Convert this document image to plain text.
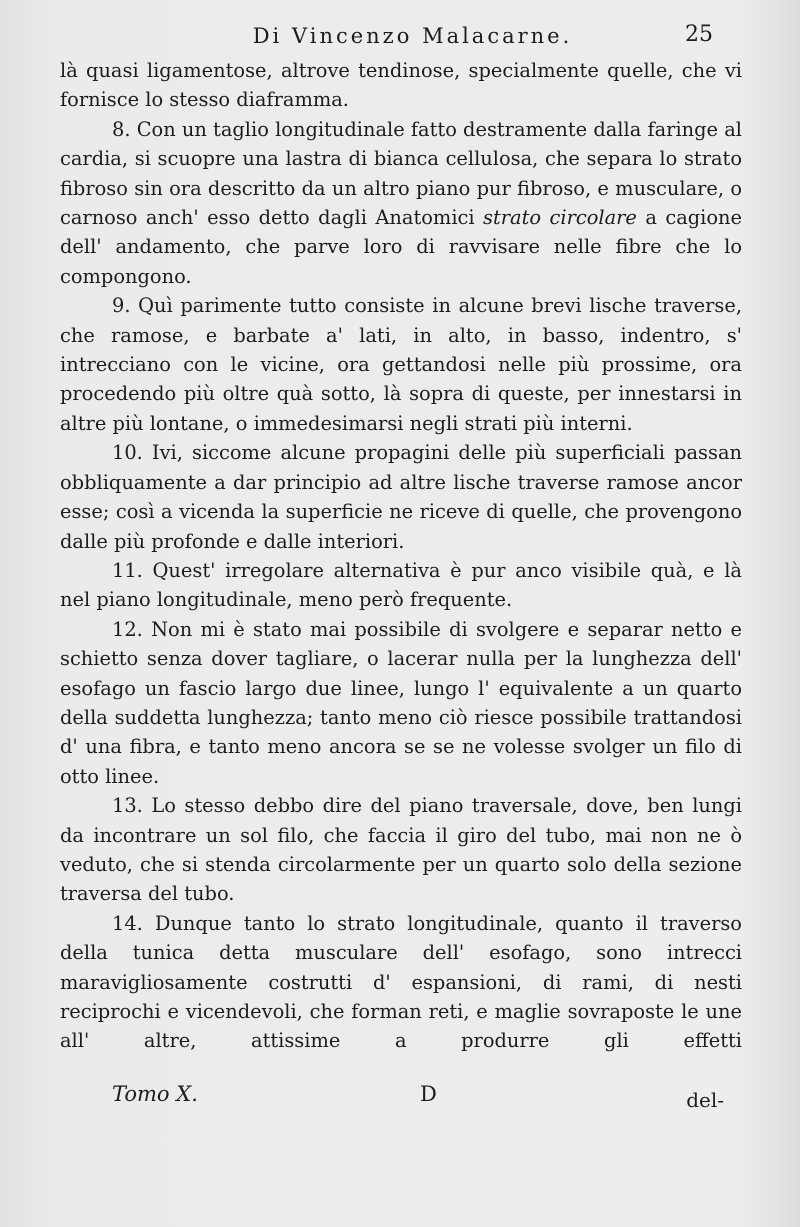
Di Vincenzo Malacarne.	25

là quasi ligamentose, altrove tendinose, specialmente quelle, che vi fornisce lo stesso diaframma.

8. Con un taglio longitudinale fatto destramente dalla faringe al cardia, si scuopre una lastra di bianca cellulosa, che separa lo strato fibroso sin ora descritto da un altro piano pur fibroso, e musculare, o carnoso anch' esso detto dagli Anatomici strato circolare a cagione dell' andamento, che parve loro di ravvisare nelle fibre che lo compongono.

9. Quì parimente tutto consiste in alcune brevi lische traverse, che ramose, e barbate a' lati, in alto, in basso, indentro, s' intrecciano con le vicine, ora gettandosi nelle più prossime, ora procedendo più oltre quà sotto, là sopra di queste, per innestarsi in altre più lontane, o immedesimarsi negli strati più interni.

10. Ivi, siccome alcune propagini delle più superficiali passan obbliquamente a dar principio ad altre lische traverse ramose ancor esse; così a vicenda la superficie ne riceve di quelle, che provengono dalle più profonde e dalle interiori.

11. Quest' irregolare alternativa è pur anco visibile quà, e là nel piano longitudinale, meno però frequente.

12. Non mi è stato mai possibile di svolgere e separar netto e schietto senza dover tagliare, o lacerar nulla per la lunghezza dell' esofago un fascio largo due linee, lungo l' equivalente a un quarto della suddetta lunghezza; tanto meno ciò riesce possibile trattandosi d' una fibra, e tanto meno ancora se se ne volesse svolger un filo di otto linee.

13. Lo stesso debbo dire del piano traversale, dove, ben lungi da incontrare un sol filo, che faccia il giro del tubo, mai non ne ò veduto, che si stenda circolarmente per un quarto solo della sezione traversa del tubo.

14. Dunque tanto lo strato longitudinale, quanto il traverso della tunica detta musculare dell' esofago, sono intrecci maravigliosamente costrutti d' espansioni, di rami, di nesti reciprochi e vicendevoli, che forman reti, e maglie sovraposte le une all' altre, attissime a produrre gli effetti

Tomo X.	D	del-
